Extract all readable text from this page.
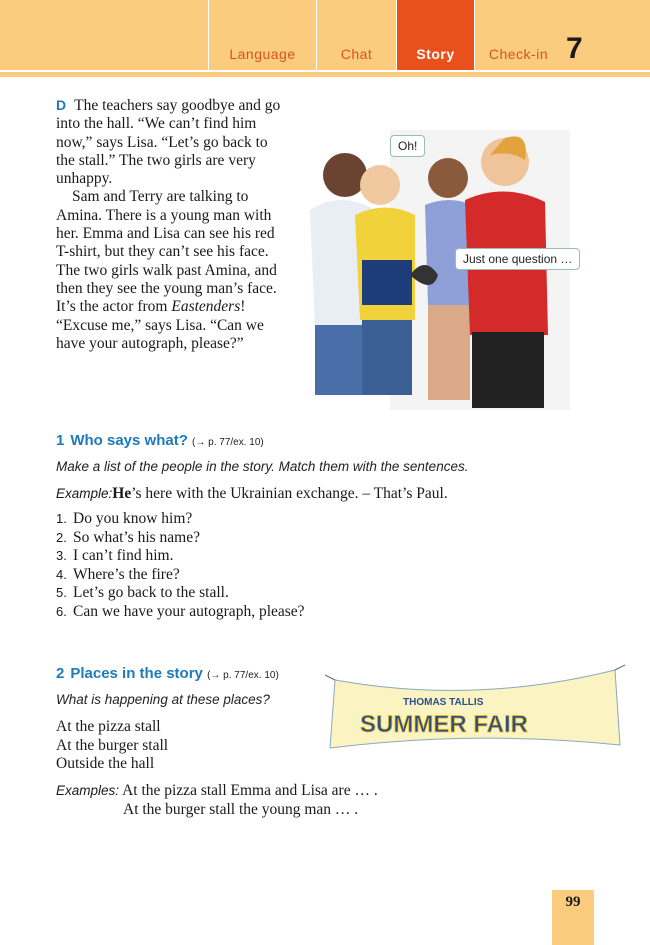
Language	Chat	Story	Check-in 7

D The teachers say goodbye and go into the hall. “We can’t find him now,” says Lisa. “Let’s go back to the stall.” The two girls are very unhappy.

Sam and Terry are talking to Amina. There is a young man with her. Emma and Lisa can see his red T-shirt, but they can’t see his face. The two girls walk past Amina, and then they see the young man’s face. It’s the actor from Eastenders! “Excuse me,” says Lisa. “Can we have your autograph, please?”

Oh!
Just one question …
1 Who says what? (→ p. 77/ex. 10)
Make a list of the people in the story. Match them with the sentences.
Example:He’s here with the Ukrainian exchange. – That’s Paul.
1. Do you know him?
2. So what’s his name?
3. I can’t find him.
4. Where’s the fire?
5. Let’s go back to the stall.
6. Can we have your autograph, please?
2 Places in the story (→ p. 77/ex. 10)
What is happening at these places?
At the pizza stall
At the burger stall
Outside the hall
Examples: At the pizza stall Emma and Lisa are … .
At the burger stall the young man … .
THOMAS TALLIS
SUMMER FAIR
99
